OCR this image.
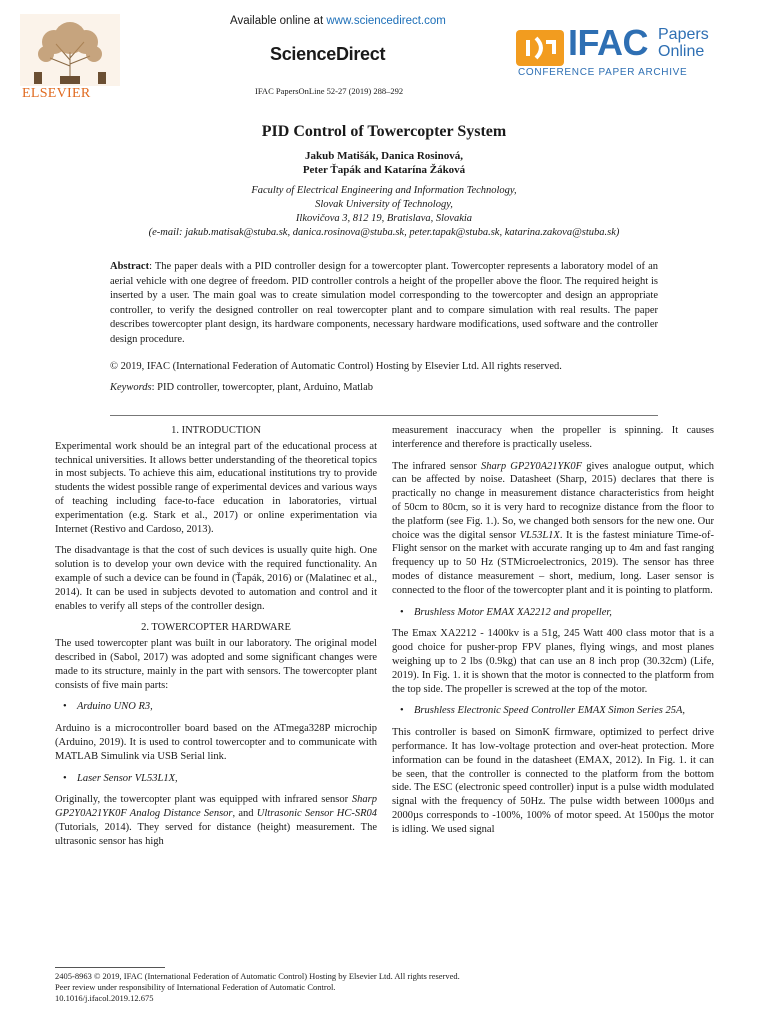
ELSEVIER
Available online at www.sciencedirect.com
ScienceDirect
IFAC PapersOnLine 52-27 (2019) 288–292
IFAC Papers
Online
CONFERENCE PAPER ARCHIVE
PID Control of Towercopter System
Jakub Matišák, Danica Rosinová,
Peter Ťapák and Katarína Žáková
Faculty of Electrical Engineering and Information Technology,
Slovak University of Technology,
Ilkovičova 3, 812 19, Bratislava, Slovakia
(e-mail: jakub.matisak@stuba.sk, danica.rosinova@stuba.sk, peter.tapak@stuba.sk, katarina.zakova@stuba.sk)

Abstract: The paper deals with a PID controller design for a towercopter plant. Towercopter represents a laboratory model of an aerial vehicle with one degree of freedom. PID controller controls a height of the propeller above the floor. The required height is inserted by a user. The main goal was to create simulation model corresponding to the towercopter and design an appropriate controller, to verify the designed controller on real towercopter plant and to compare simulation with real results. The paper describes towercopter plant design, its hardware components, necessary hardware modifications, used software and the controller design procedure.

© 2019, IFAC (International Federation of Automatic Control) Hosting by Elsevier Ltd. All rights reserved.

Keywords: PID controller, towercopter, plant, Arduino, Matlab

1. INTRODUCTION

Experimental work should be an integral part of the educational process at technical universities. It allows better understanding of the theoretical topics in most subjects. To achieve this aim, educational institutions try to provide students the widest possible range of experimental devices and various ways of teaching including face-to-face education in laboratories, virtual experimentation (e.g. Stark et al., 2017) or online experimentation via Internet (Restivo and Cardoso, 2013).

The disadvantage is that the cost of such devices is usually quite high. One solution is to develop your own device with the required functionality. An example of such a device can be found in (Ťapák, 2016) or (Malatinec et al., 2014). It can be used in subjects devoted to automation and control and it enables to verify all steps of the controller design.

2. TOWERCOPTER HARDWARE

The used towercopter plant was built in our laboratory. The original model described in (Sabol, 2017) was adopted and some significant changes were made to its structure, mainly in the part with sensors. The towercopter plant consists of five main parts:

• Arduino UNO R3,

Arduino is a microcontroller board based on the ATmega328P microchip (Arduino, 2019). It is used to control towercopter and to communicate with MATLAB Simulink via USB Serial link.

• Laser Sensor VL53L1X,

Originally, the towercopter plant was equipped with infrared sensor Sharp GP2Y0A21YK0F Analog Distance Sensor, and Ultrasonic Sensor HC-SR04 (Tutorials, 2014). They served for distance (height) measurement. The ultrasonic sensor has high

measurement inaccuracy when the propeller is spinning. It causes interference and therefore is practically useless.

The infrared sensor Sharp GP2Y0A21YK0F gives analogue output, which can be affected by noise. Datasheet (Sharp, 2015) declares that there is practically no change in measurement distance characteristics from height of 50cm to 80cm, so it is very hard to recognize distance from the floor to the platform (see Fig. 1.). So, we changed both sensors for the new one. Our choice was the digital sensor VL53L1X. It is the fastest miniature Time-of-Flight sensor on the market with accurate ranging up to 4m and fast ranging frequency up to 50 Hz (STMicroelectronics, 2019). The sensor has three modes of distance measurement – short, medium, long. Laser sensor is connected to the floor of the towercopter plant and it is pointing to platform.

• Brushless Motor EMAX XA2212 and propeller,

The Emax XA2212 - 1400kv is a 51g, 245 Watt 400 class motor that is a good choice for pusher-prop FPV planes, flying wings, and most planes weighing up to 2 lbs (0.9kg) that can use an 8 inch prop (30.32cm) (Life, 2019). In Fig. 1. it is shown that the motor is connected to the platform from the top side. The propeller is screwed at the top of the motor.

• Brushless Electronic Speed Controller EMAX Simon Series 25A,

This controller is based on SimonK firmware, optimized to perfect drive performance. It has low-voltage protection and over-heat protection. More information can be found in the datasheet (EMAX, 2012). In Fig. 1. it can be seen, that the controller is connected to the platform from the bottom side. The ESC (electronic speed controller) input is a pulse width modulated signal with the frequency of 50Hz. The pulse width between 1000µs and 2000µs corresponds to -100%, 100% of motor speed. At 1500µs the motor is idling. We used signal

2405-8963 © 2019, IFAC (International Federation of Automatic Control) Hosting by Elsevier Ltd. All rights reserved.
Peer review under responsibility of International Federation of Automatic Control.
10.1016/j.ifacol.2019.12.675
